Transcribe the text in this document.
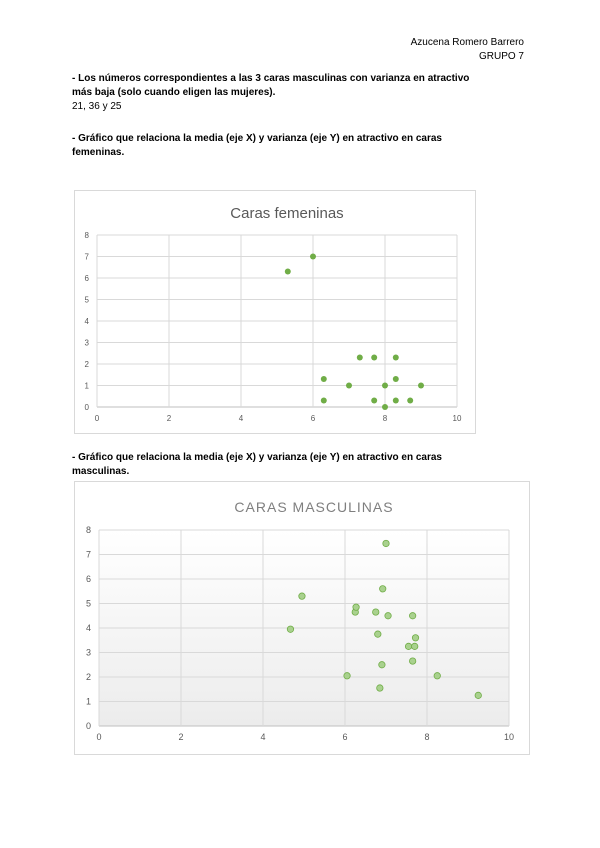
Azucena Romero Barrero
GRUPO 7
- Los números correspondientes a las 3 caras masculinas con varianza en atractivo
más baja (solo cuando eligen las mujeres).
21, 36 y 25
- Gráfico que relaciona la media (eje X) y varianza (eje Y) en atractivo en caras
femeninas.
Caras femeninas
0
1
2
3
4
5
6
7
8
0	2	4	6	8	10
- Gráfico que relaciona la media (eje X) y varianza (eje Y) en atractivo en caras
masculinas.
CARAS MASCULINAS
0
1
2
3
4
5
6
7
8
0	2	4	6	8	10
